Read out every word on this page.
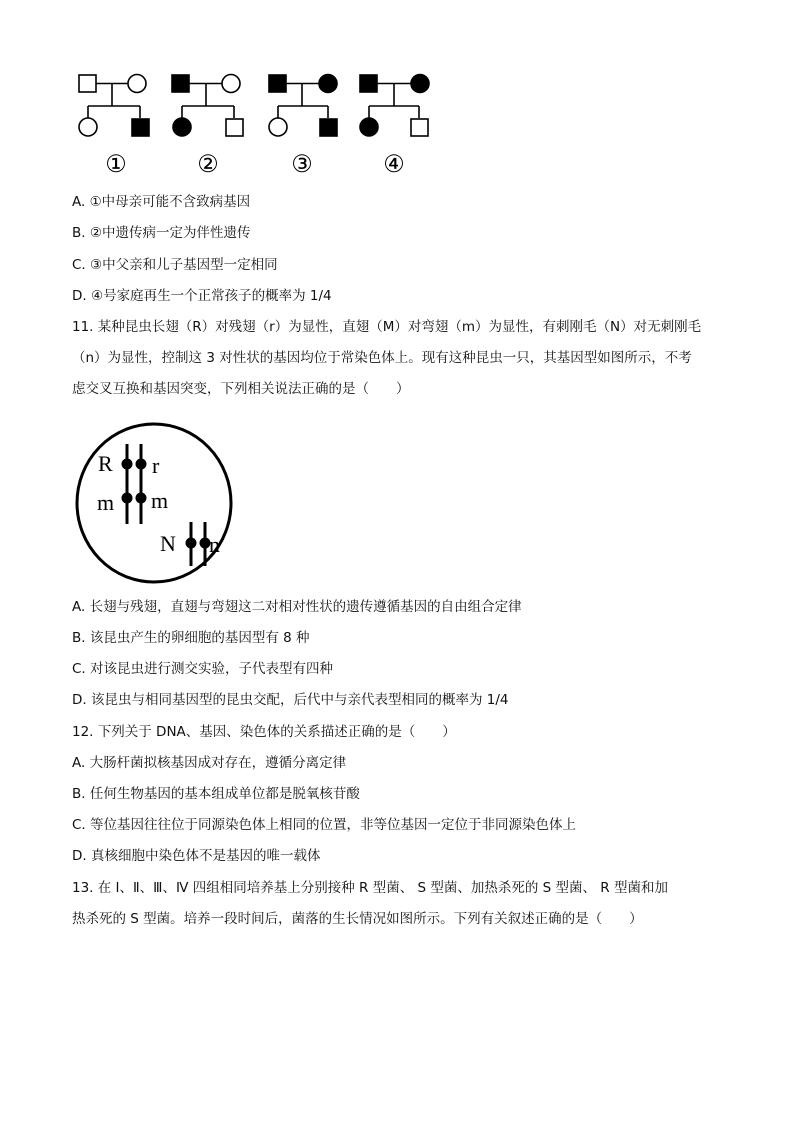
①	②	③	④
A. ①中母亲可能不含致病基因
B. ②中遗传病一定为伴性遗传
C. ③中父亲和儿子基因型一定相同
D. ④号家庭再生一个正常孩子的概率为 1/4
11. 某种昆虫长翅（R）对残翅（r）为显性，直翅（M）对弯翅（m）为显性，有刺刚毛（N）对无刺刚毛
（n）为显性，控制这 3 对性状的基因均位于常染色体上。现有这种昆虫一只，其基因型如图所示，不考
虑交叉互换和基因突变，下列相关说法正确的是（　　）
R r
m m
N n
A. 长翅与残翅，直翅与弯翅这二对相对性状的遗传遵循基因的自由组合定律
B. 该昆虫产生的卵细胞的基因型有 8 种
C. 对该昆虫进行测交实验，子代表型有四种
D. 该昆虫与相同基因型的昆虫交配，后代中与亲代表型相同的概率为 1/4
12. 下列关于 DNA、基因、染色体的关系描述正确的是（　　）
A. 大肠杆菌拟核基因成对存在，遵循分离定律
B. 任何生物基因的基本组成单位都是脱氧核苷酸
C. 等位基因往往位于同源染色体上相同的位置，非等位基因一定位于非同源染色体上
D. 真核细胞中染色体不是基因的唯一载体
13. 在 Ⅰ、Ⅱ、Ⅲ、Ⅳ 四组相同培养基上分别接种 R 型菌、 S 型菌、加热杀死的 S 型菌、 R 型菌和加
热杀死的 S 型菌。培养一段时间后，菌落的生长情况如图所示。下列有关叙述正确的是（　　）
